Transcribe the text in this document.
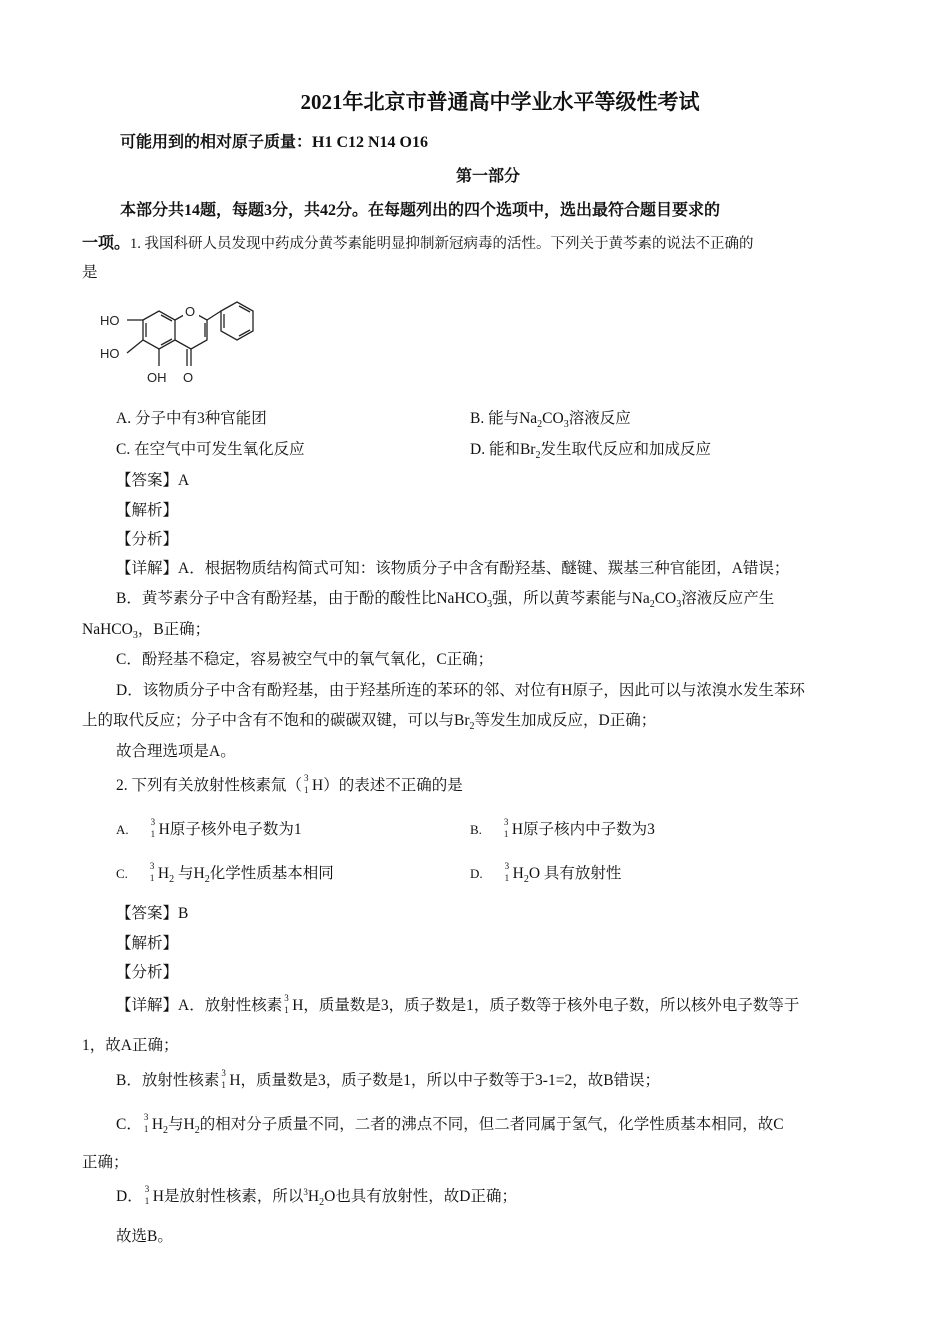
2021年北京市普通高中学业水平等级性考试
可能用到的相对原子质量：H1 C12 N14 O16
第一部分
本部分共14题，每题3分，共42分。在每题列出的四个选项中，选出最符合题目要求的
一项。1. 我国科研人员发现中药成分黄芩素能明显抑制新冠病毒的活性。下列关于黄芩素的说法不正确的
是
O
HO
HO
OH O
A. 分子中有3种官能团	B. 能与$Na_2CO_3$溶液反应
C. 在空气中可发生氧化反应	D. 能和$Br_2$发生取代反应和加成反应
【答案】A
【解析】
【分析】
【详解】A．根据物质结构简式可知：该物质分子中含有酚羟基、醚键、羰基三种官能团，A错误；
B．黄芩素分子中含有酚羟基，由于酚的酸性比NaHCO$_3$强，所以黄芩素能与$Na_2CO_3$溶液反应产生
NaHCO$_3$，B正确；
C．酚羟基不稳定，容易被空气中的氧气氧化，C正确；
D．该物质分子中含有酚羟基，由于羟基所连的苯环的邻、对位有H原子，因此可以与浓溴水发生苯环
上的取代反应；分子中含有不饱和的碳碳双键，可以与$Br_2$等发生加成反应，D正确；
故合理选项是A。
2. 下列有关放射性核素氚（ 3
1 H）的表述不正确的是
A. 3
1 H原子核外电子数为1	B. 3
1 H原子核内中子数为3
C. 3
1 $H_2$ 与$H_2$化学性质基本相同	D. 3
1 $H_2O$ 具有放射性
【答案】B
【解析】
【分析】
【详解】A．放射性核素 3
1 H，质量数是3，质子数是1，质子数等于核外电子数，所以核外电子数等于
1，故A正确；
B．放射性核素 3
1 H，质量数是3，质子数是1，所以中子数等于3-1=2，故B错误；
C． 3
1 $H_2$与$H_2$的相对分子质量不同，二者的沸点不同，但二者同属于氢气，化学性质基本相同，故C
正确；
D． 3
1 H是放射性核素，所以$^3H_2O$也具有放射性，故D正确；
故选B。
